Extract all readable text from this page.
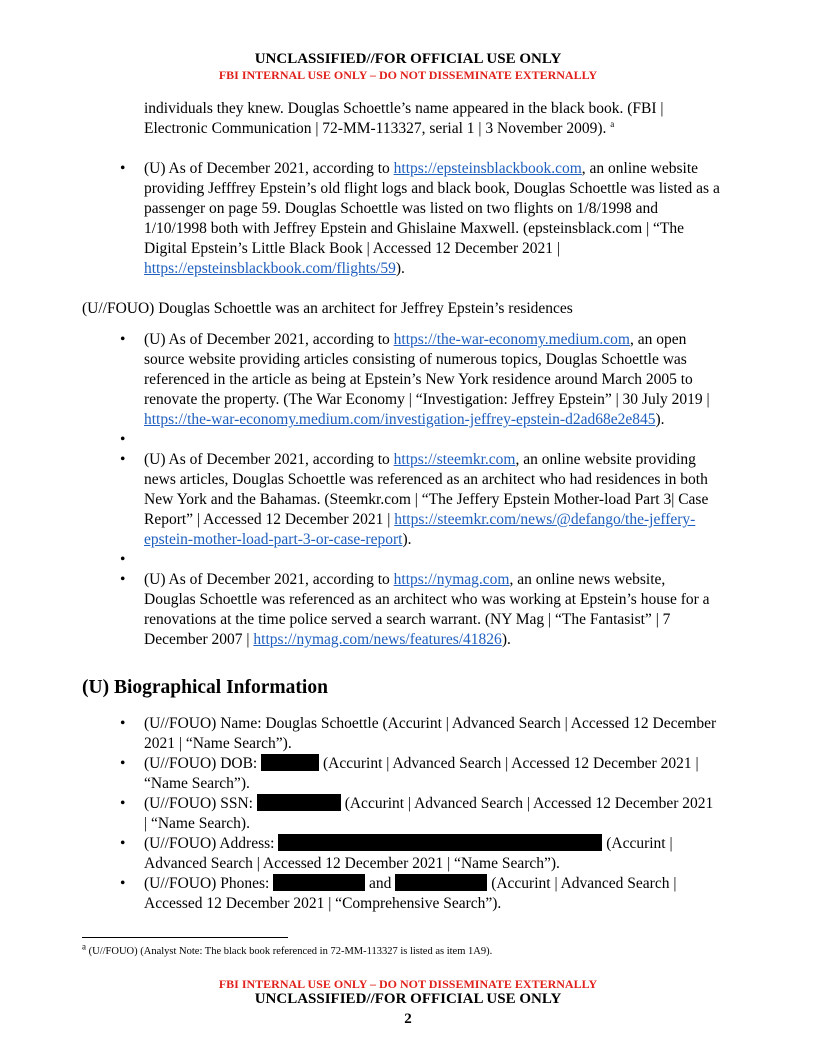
UNCLASSIFIED//FOR OFFICIAL USE ONLY
FBI INTERNAL USE ONLY – DO NOT DISSEMINATE EXTERNALLY

individuals they knew. Douglas Schoettle’s name appeared in the black book. (FBI | Electronic Communication | 72-MM-113327, serial 1 | 3 November 2009). $^a$

• (U) As of December 2021, according to https://epsteinsblackbook.com, an online website providing Jefffrey Epstein’s old flight logs and black book, Douglas Schoettle was listed as a passenger on page 59. Douglas Schoettle was listed on two flights on 1/8/1998 and 1/10/1998 both with Jeffrey Epstein and Ghislaine Maxwell. (epsteinsblack.com | “The Digital Epstein’s Little Black Book | Accessed 12 December 2021 | https://epsteinsblackbook.com/flights/59).

(U//FOUO) Douglas Schoettle was an architect for Jeffrey Epstein’s residences

• (U) As of December 2021, according to https://the-war-economy.medium.com, an open source website providing articles consisting of numerous topics, Douglas Schoettle was referenced in the article as being at Epstein’s New York residence around March 2005 to renovate the property. (The War Economy | “Investigation: Jeffrey Epstein” | 30 July 2019 | https://the-war-economy.medium.com/investigation-jeffrey-epstein-d2ad68e2e845).
•
• (U) As of December 2021, according to https://steemkr.com, an online website providing news articles, Douglas Schoettle was referenced as an architect who had residences in both New York and the Bahamas. (Steemkr.com | “The Jeffery Epstein Mother-load Part 3| Case Report” | Accessed 12 December 2021 | https://steemkr.com/news/@defango/the-jeffery-epstein-mother-load-part-3-or-case-report).
•
• (U) As of December 2021, according to https://nymag.com, an online news website, Douglas Schoettle was referenced as an architect who was working at Epstein’s house for a renovations at the time police served a search warrant. (NY Mag | “The Fantasist” | 7 December 2007 | https://nymag.com/news/features/41826).
(U) Biographical Information
• (U//FOUO) Name: Douglas Schoettle (Accurint | Advanced Search | Accessed 12 December 2021 | “Name Search”).
• (U//FOUO) DOB:	(Accurint | Advanced Search | Accessed 12 December 2021 | “Name Search”).
• (U//FOUO) SSN:	(Accurint | Advanced Search | Accessed 12 December 2021 | “Name Search).
• (U//FOUO) Address:	(Accurint | Advanced Search | Accessed 12 December 2021 | “Name Search”).
• (U//FOUO) Phones:	and	(Accurint | Advanced Search | Accessed 12 December 2021 | “Comprehensive Search”).
$^a$ (U//FOUO) (Analyst Note: The black book referenced in 72-MM-113327 is listed as item 1A9).
FBI INTERNAL USE ONLY – DO NOT DISSEMINATE EXTERNALLY
UNCLASSIFIED//FOR OFFICIAL USE ONLY
2
